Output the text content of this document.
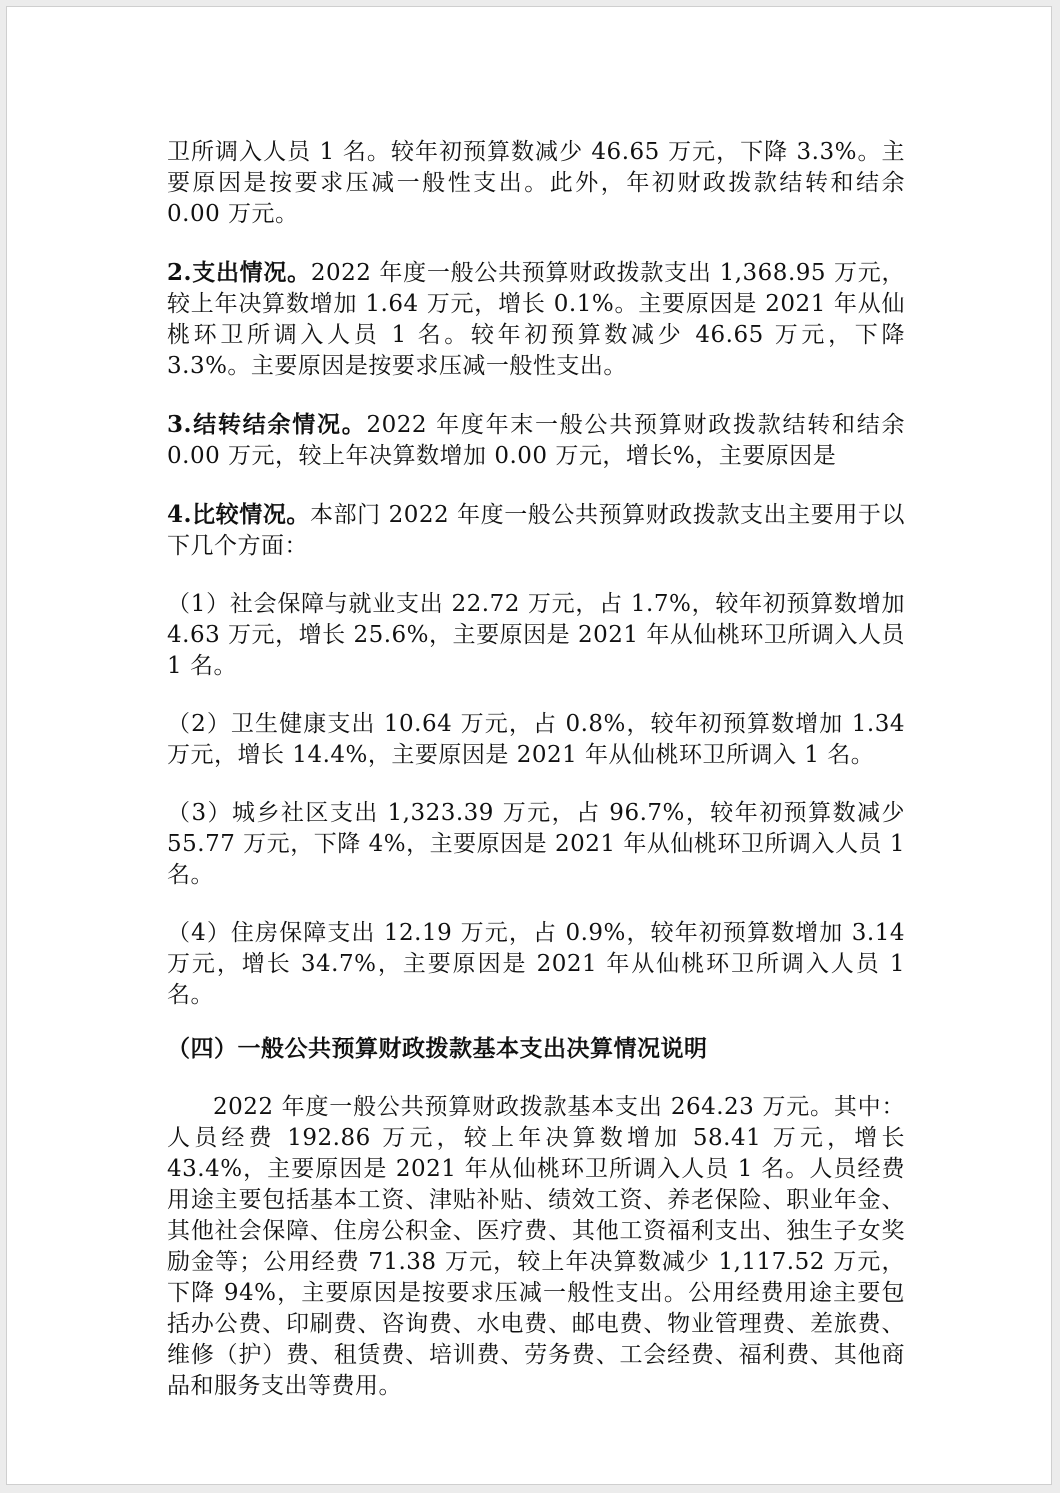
卫所调入人员 1 名。较年初预算数减少 46.65 万元，下降 3.3%。主要原因是按要求压减一般性支出。此外，年初财政拨款结转和结余 0.00 万元。

2.支出情况。2022 年度一般公共预算财政拨款支出 1,368.95 万元，较上年决算数增加 1.64 万元，增长 0.1%。主要原因是 2021 年从仙桃环卫所调入人员 1 名。较年初预算数减少 46.65 万元，下降 3.3%。主要原因是按要求压减一般性支出。

3.结转结余情况。2022 年度年末一般公共预算财政拨款结转和结余 0.00 万元，较上年决算数增加 0.00 万元，增长%，主要原因是

4.比较情况。本部门 2022 年度一般公共预算财政拨款支出主要用于以下几个方面：

（1）社会保障与就业支出 22.72 万元，占 1.7%，较年初预算数增加 4.63 万元，增长 25.6%，主要原因是 2021 年从仙桃环卫所调入人员 1 名。

（2）卫生健康支出 10.64 万元，占 0.8%，较年初预算数增加 1.34 万元，增长 14.4%，主要原因是 2021 年从仙桃环卫所调入 1 名。

（3）城乡社区支出 1,323.39 万元，占 96.7%，较年初预算数减少 55.77 万元，下降 4%，主要原因是 2021 年从仙桃环卫所调入人员 1 名。

（4）住房保障支出 12.19 万元，占 0.9%，较年初预算数增加 3.14 万元，增长 34.7%，主要原因是 2021 年从仙桃环卫所调入人员 1 名。

（四）一般公共预算财政拨款基本支出决算情况说明

2022 年度一般公共预算财政拨款基本支出 264.23 万元。其中：人员经费 192.86 万元，较上年决算数增加 58.41 万元，增长 43.4%，主要原因是 2021 年从仙桃环卫所调入人员 1 名。人员经费用途主要包括基本工资、津贴补贴、绩效工资、养老保险、职业年金、其他社会保障、住房公积金、医疗费、其他工资福利支出、独生子女奖励金等；公用经费 71.38 万元，较上年决算数减少 1,117.52 万元，下降 94%，主要原因是按要求压减一般性支出。公用经费用途主要包括办公费、印刷费、咨询费、水电费、邮电费、物业管理费、差旅费、维修（护）费、租赁费、培训费、劳务费、工会经费、福利费、其他商品和服务支出等费用。
